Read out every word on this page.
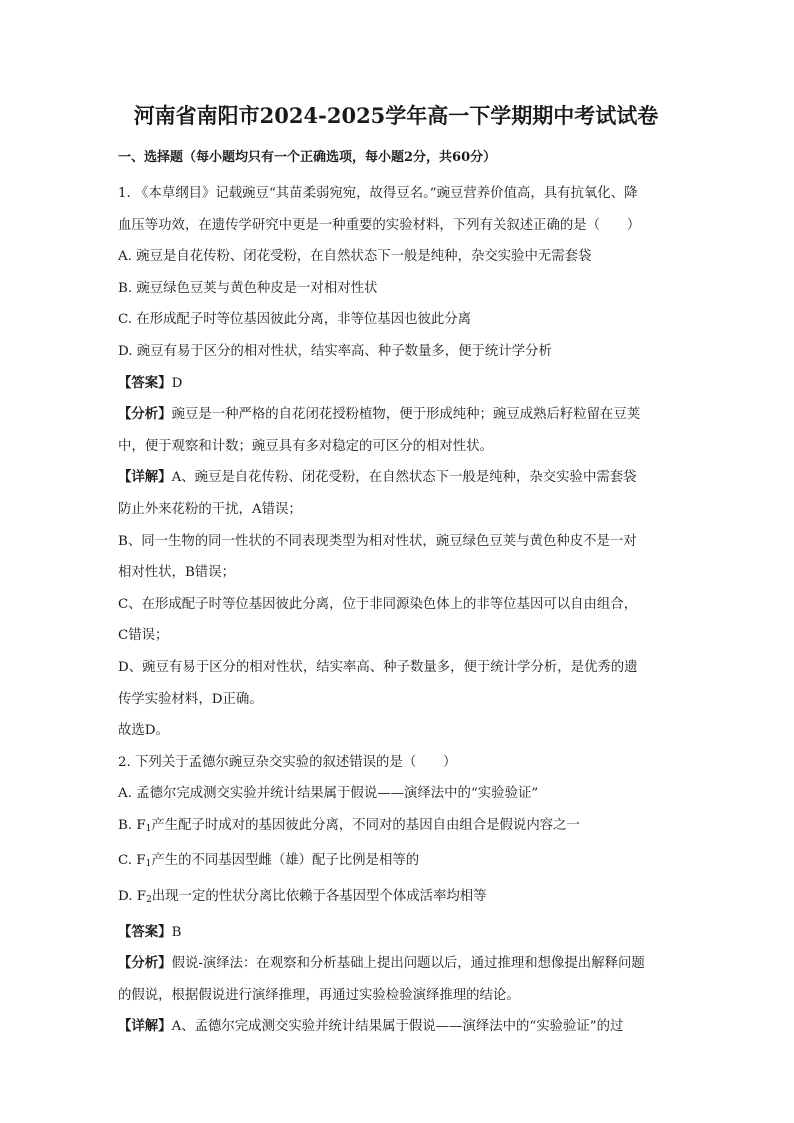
河南省南阳市2024-2025学年高一下学期期中考试试卷

一、选择题（每小题均只有一个正确选项，每小题2分，共60分）

1. 《本草纲目》记载豌豆“其苗柔弱宛宛，故得豆名。”豌豆营养价值高，具有抗氧化、降

血压等功效，在遗传学研究中更是一种重要的实验材料，下列有关叙述正确的是（　　）

A. 豌豆是自花传粉、闭花受粉，在自然状态下一般是纯种，杂交实验中无需套袋

B. 豌豆绿色豆荚与黄色种皮是一对相对性状

C. 在形成配子时等位基因彼此分离，非等位基因也彼此分离

D. 豌豆有易于区分的相对性状，结实率高、种子数量多，便于统计学分析

【答案】D

【分析】豌豆是一种严格的自花闭花授粉植物，便于形成纯种；豌豆成熟后籽粒留在豆荚

中，便于观察和计数；豌豆具有多对稳定的可区分的相对性状。

【详解】A、豌豆是自花传粉、闭花受粉，在自然状态下一般是纯种，杂交实验中需套袋

防止外来花粉的干扰，A错误；

B、同一生物的同一性状的不同表现类型为相对性状，豌豆绿色豆荚与黄色种皮不是一对

相对性状，B错误；

C、在形成配子时等位基因彼此分离，位于非同源染色体上的非等位基因可以自由组合，

C错误；

D、豌豆有易于区分的相对性状，结实率高、种子数量多，便于统计学分析，是优秀的遗

传学实验材料，D正确。

故选D。

2. 下列关于孟德尔豌豆杂交实验的叙述错误的是（　　）

A. 孟德尔完成测交实验并统计结果属于假说——演绎法中的“实验验证”

B. $F_1$产生配子时成对的基因彼此分离，不同对的基因自由组合是假说内容之一

C. $F_1$产生的不同基因型雌（雄）配子比例是相等的

D. $F_2$出现一定的性状分离比依赖于各基因型个体成活率均相等

【答案】B

【分析】假说-演绎法：在观察和分析基础上提出问题以后，通过推理和想像提出解释问题

的假说，根据假说进行演绎推理，再通过实验检验演绎推理的结论。

【详解】A、孟德尔完成测交实验并统计结果属于假说——演绎法中的“实验验证”的过
